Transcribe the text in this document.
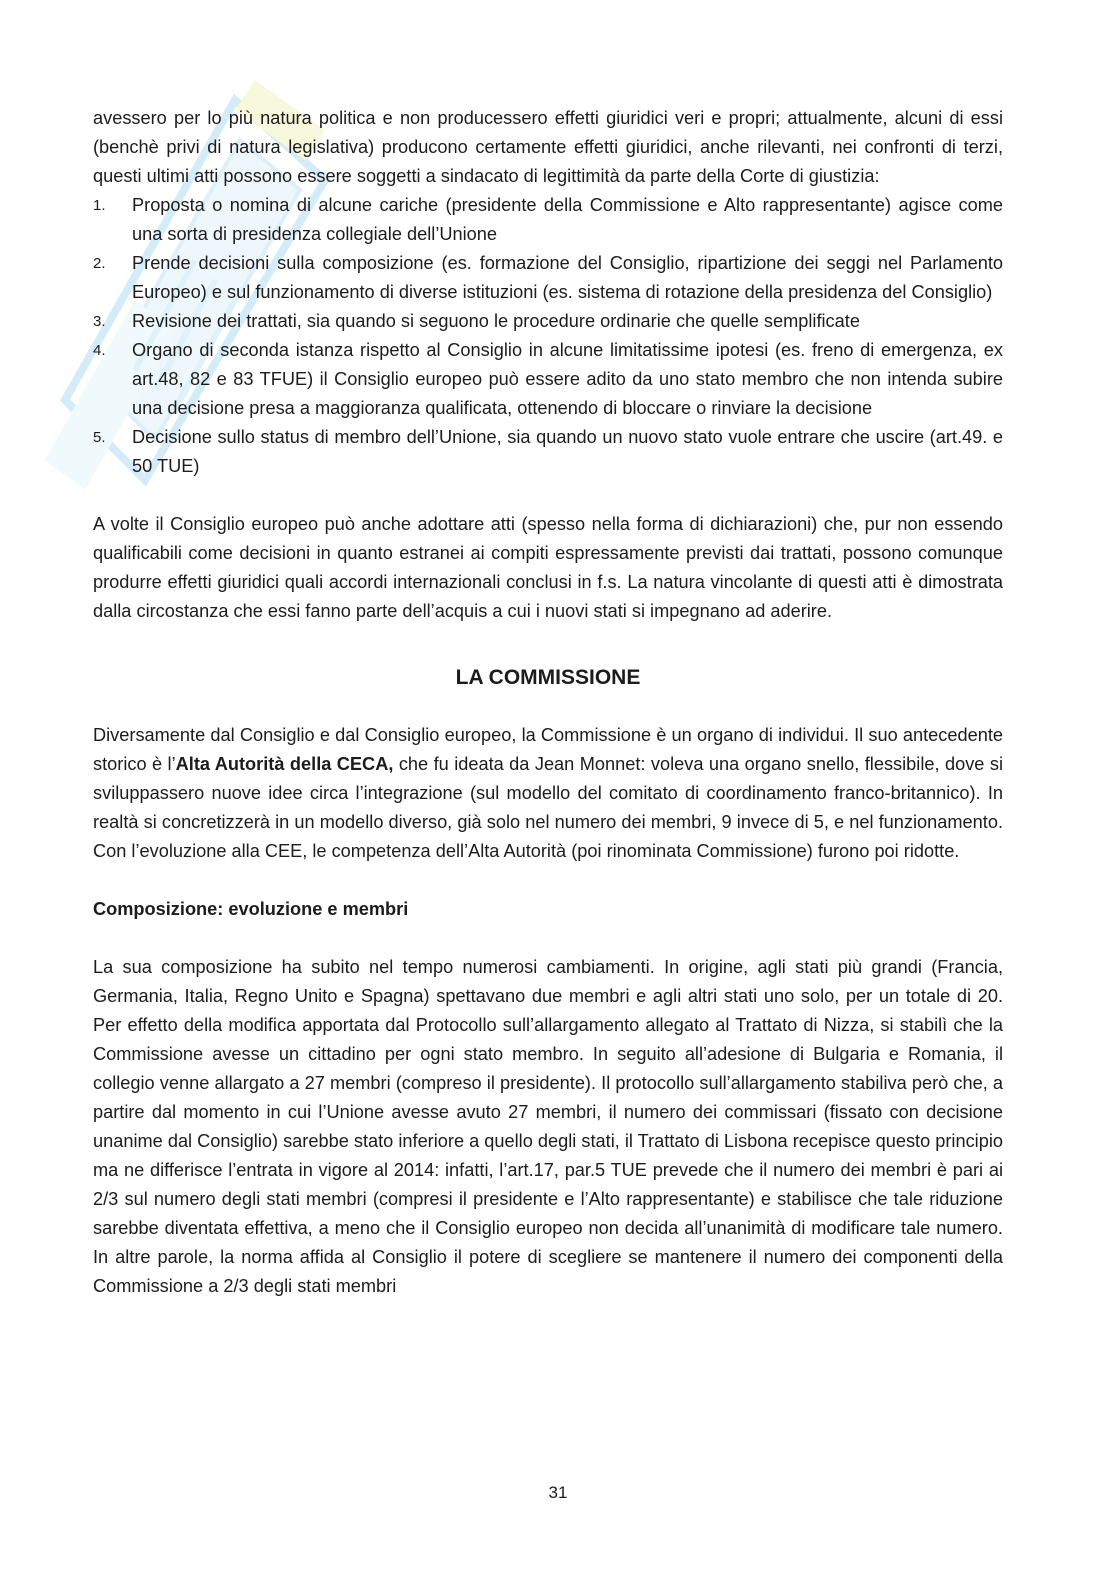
avessero per lo più natura politica e non producessero effetti giuridici veri e propri; attualmente, alcuni di essi (benchè privi di natura legislativa) producono certamente effetti giuridici, anche rilevanti, nei confronti di terzi, questi ultimi atti possono essere soggetti a sindacato di legittimità da parte della Corte di giustizia:

1.	Proposta o nomina di alcune cariche (presidente della Commissione e Alto rappresentante) agisce come una sorta di presidenza collegiale dell’Unione
2.	Prende decisioni sulla composizione (es. formazione del Consiglio, ripartizione dei seggi nel Parlamento Europeo) e sul funzionamento di diverse istituzioni (es. sistema di rotazione della presidenza del Consiglio)
3.	Revisione dei trattati, sia quando si seguono le procedure ordinarie che quelle semplificate
4.	Organo di seconda istanza rispetto al Consiglio in alcune limitatissime ipotesi (es. freno di emergenza, ex art.48, 82 e 83 TFUE) il Consiglio europeo può essere adito da uno stato membro che non intenda subire una decisione presa a maggioranza qualificata, ottenendo di bloccare o rinviare la decisione
5.	Decisione sullo status di membro dell’Unione, sia quando un nuovo stato vuole entrare che uscire (art.49. e 50 TUE)

A volte il Consiglio europeo può anche adottare atti (spesso nella forma di dichiarazioni) che, pur non essendo qualificabili come decisioni in quanto estranei ai compiti espressamente previsti dai trattati, possono comunque produrre effetti giuridici quali accordi internazionali conclusi in f.s. La natura vincolante di questi atti è dimostrata dalla circostanza che essi fanno parte dell’acquis a cui i nuovi stati si impegnano ad aderire.

LA COMMISSIONE

Diversamente dal Consiglio e dal Consiglio europeo, la Commissione è un organo di individui. Il suo antecedente storico è l’Alta Autorità della CECA, che fu ideata da Jean Monnet: voleva una organo snello, flessibile, dove si sviluppassero nuove idee circa l’integrazione (sul modello del comitato di coordinamento franco-britannico). In realtà si concretizzerà in un modello diverso, già solo nel numero dei membri, 9 invece di 5, e nel funzionamento. Con l’evoluzione alla CEE, le competenza dell’Alta Autorità (poi rinominata Commissione) furono poi ridotte.

Composizione: evoluzione e membri

La sua composizione ha subito nel tempo numerosi cambiamenti. In origine, agli stati più grandi (Francia, Germania, Italia, Regno Unito e Spagna) spettavano due membri e agli altri stati uno solo, per un totale di 20. Per effetto della modifica apportata dal Protocollo sull’allargamento allegato al Trattato di Nizza, si stabilì che la Commissione avesse un cittadino per ogni stato membro. In seguito all’adesione di Bulgaria e Romania, il collegio venne allargato a 27 membri (compreso il presidente). Il protocollo sull’allargamento stabiliva però che, a partire dal momento in cui l’Unione avesse avuto 27 membri, il numero dei commissari (fissato con decisione unanime dal Consiglio) sarebbe stato inferiore a quello degli stati, il Trattato di Lisbona recepisce questo principio ma ne differisce l’entrata in vigore al 2014: infatti, l’art.17, par.5 TUE prevede che il numero dei membri è pari ai 2/3 sul numero degli stati membri (compresi il presidente e l’Alto rappresentante) e stabilisce che tale riduzione sarebbe diventata effettiva, a meno che il Consiglio europeo non decida all’unanimità di modificare tale numero. In altre parole, la norma affida al Consiglio il potere di scegliere se mantenere il numero dei componenti della Commissione a 2/3 degli stati membri

31
